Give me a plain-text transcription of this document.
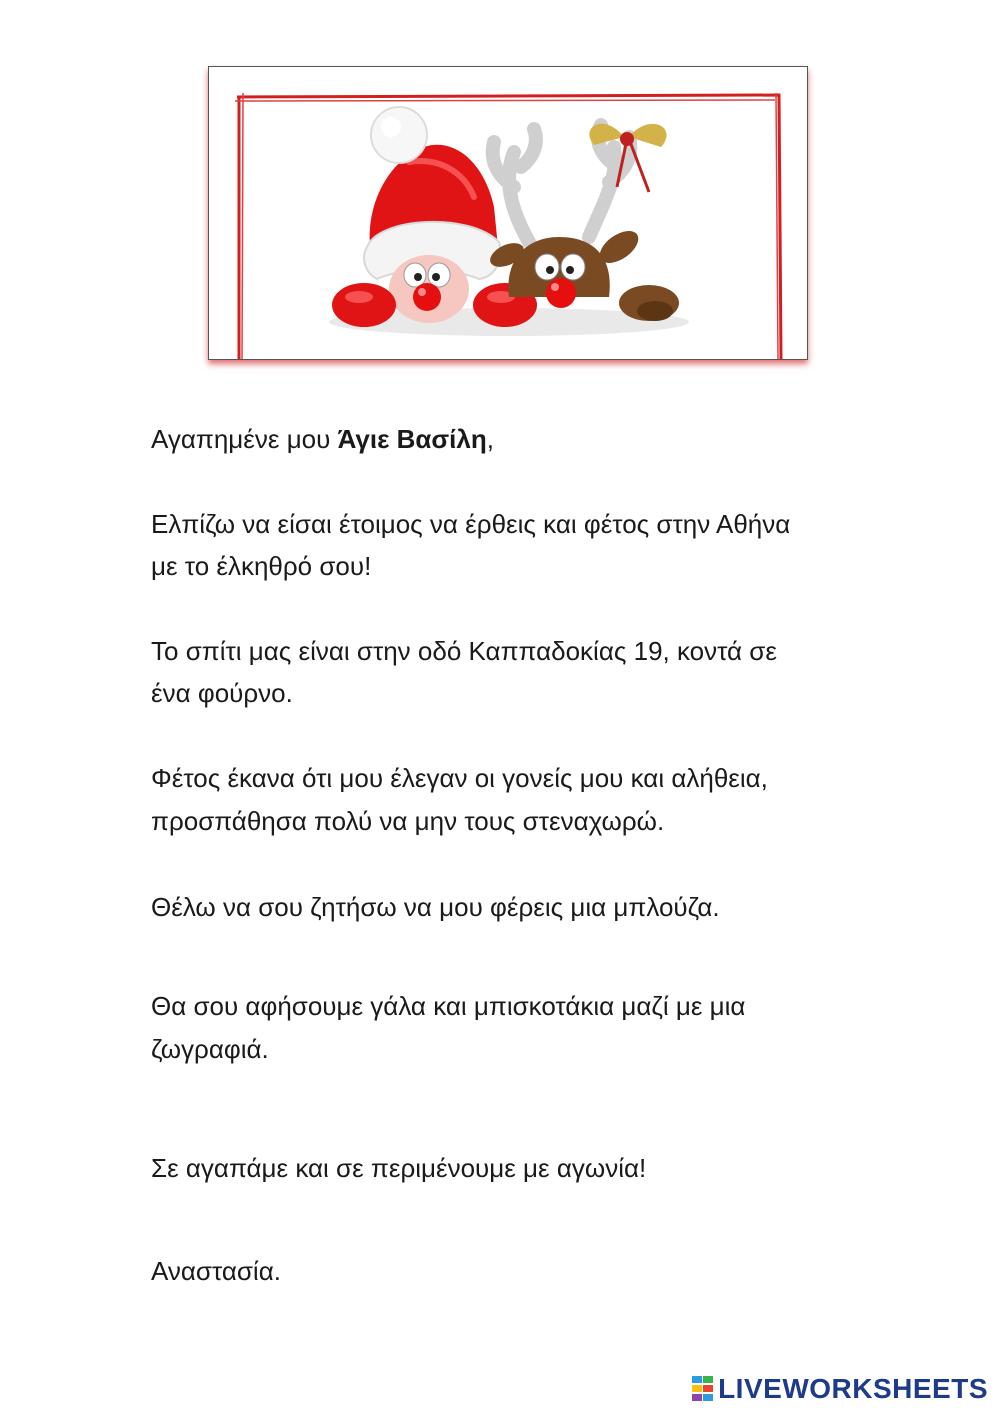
Αγαπημένε μου Άγιε Βασίλη,

Ελπίζω να είσαι έτοιμος να έρθεις και φέτος στην Αθήνα

με το έλκηθρό σου!

Το σπίτι μας είναι στην οδό Καππαδοκίας 19, κοντά σε

ένα φούρνο.

Φέτος έκανα ότι μου έλεγαν οι γονείς μου και αλήθεια,

προσπάθησα πολύ να μην τους στεναχωρώ.

Θέλω να σου ζητήσω να μου φέρεις μια μπλούζα.

Θα σου αφήσουμε γάλα και μπισκοτάκια μαζί με μια

ζωγραφιά.

Σε αγαπάμε και σε περιμένουμε με αγωνία!

Αναστασία.

LIVEWORKSHEETS
